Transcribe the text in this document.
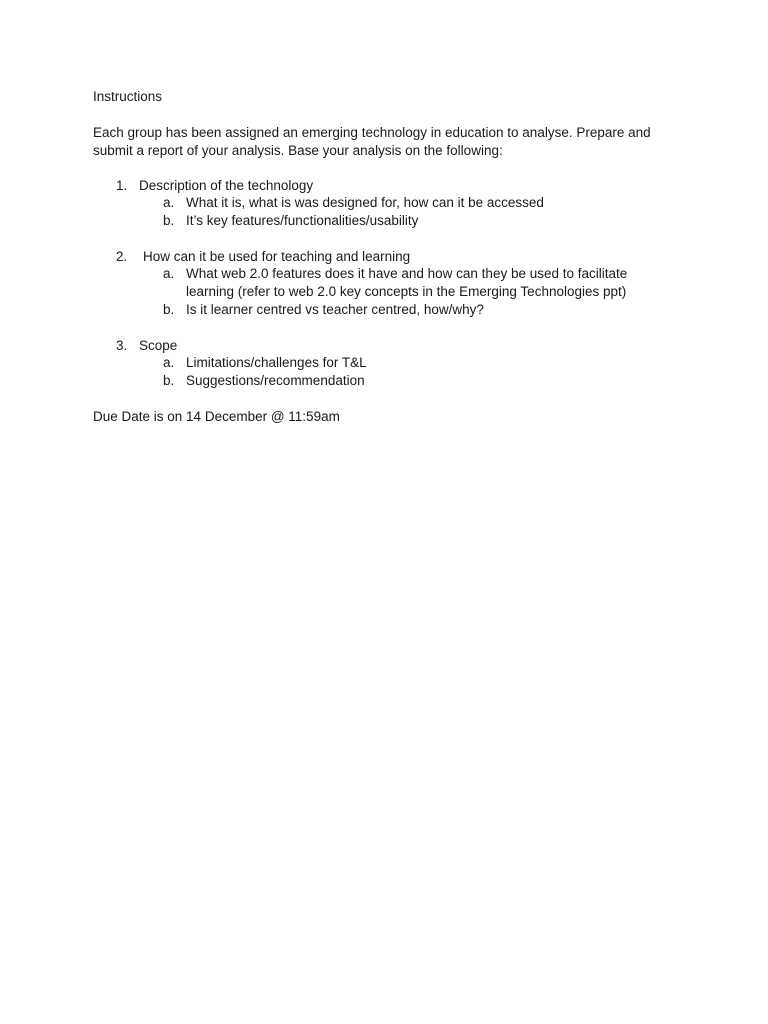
Instructions
Each group has been assigned an emerging technology in education to analyse. Prepare and
submit a report of your analysis. Base your analysis on the following:
1. Description of the technology
a. What it is, what is was designed for, how can it be accessed
b. It’s key features/functionalities/usability
2. How can it be used for teaching and learning
a. What web 2.0 features does it have and how can they be used to facilitate
learning (refer to web 2.0 key concepts in the Emerging Technologies ppt)
b. Is it learner centred vs teacher centred, how/why?
3. Scope
a. Limitations/challenges for T&L
b. Suggestions/recommendation
Due Date is on 14 December @ 11:59am
